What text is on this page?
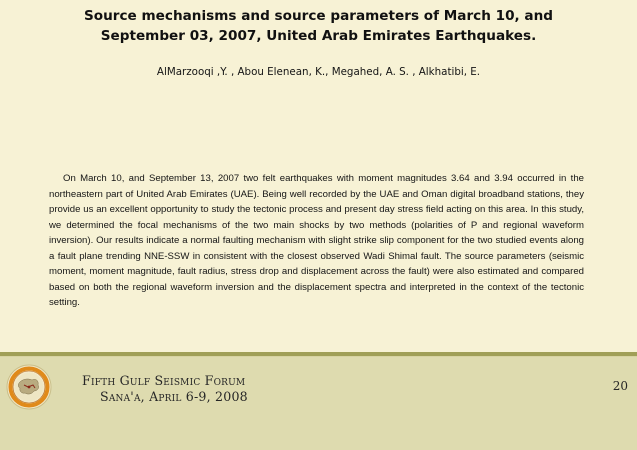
Source mechanisms and source parameters of March 10, and
September 03, 2007, United Arab Emirates Earthquakes.
AlMarzooqi ,Y. , Abou Elenean, K., Megahed, A. S. , Alkhatibi, E.

On March 10, and September 13, 2007 two felt earthquakes with moment magnitudes 3.64 and 3.94 occurred in the northeastern part of United Arab Emirates (UAE). Being well recorded by the UAE and Oman digital broadband stations, they provide us an excellent opportunity to study the tectonic process and present day stress field acting on this area. In this study, we determined the focal mechanisms of the two main shocks by two methods (polarities of P and regional waveform inversion). Our results indicate a normal faulting mechanism with slight strike slip component for the two studied events along a fault plane trending NNE-SSW in consistent with the closest observed Wadi Shimal fault. The source parameters (seismic moment, moment magnitude, fault radius, stress drop and displacement across the fault) were also estimated and compared based on both the regional waveform inversion and the displacement spectra and interpreted in the context of the tectonic setting.

Fifth Gulf Seismic Forum
Sana'a, April 6-9, 2008
20
